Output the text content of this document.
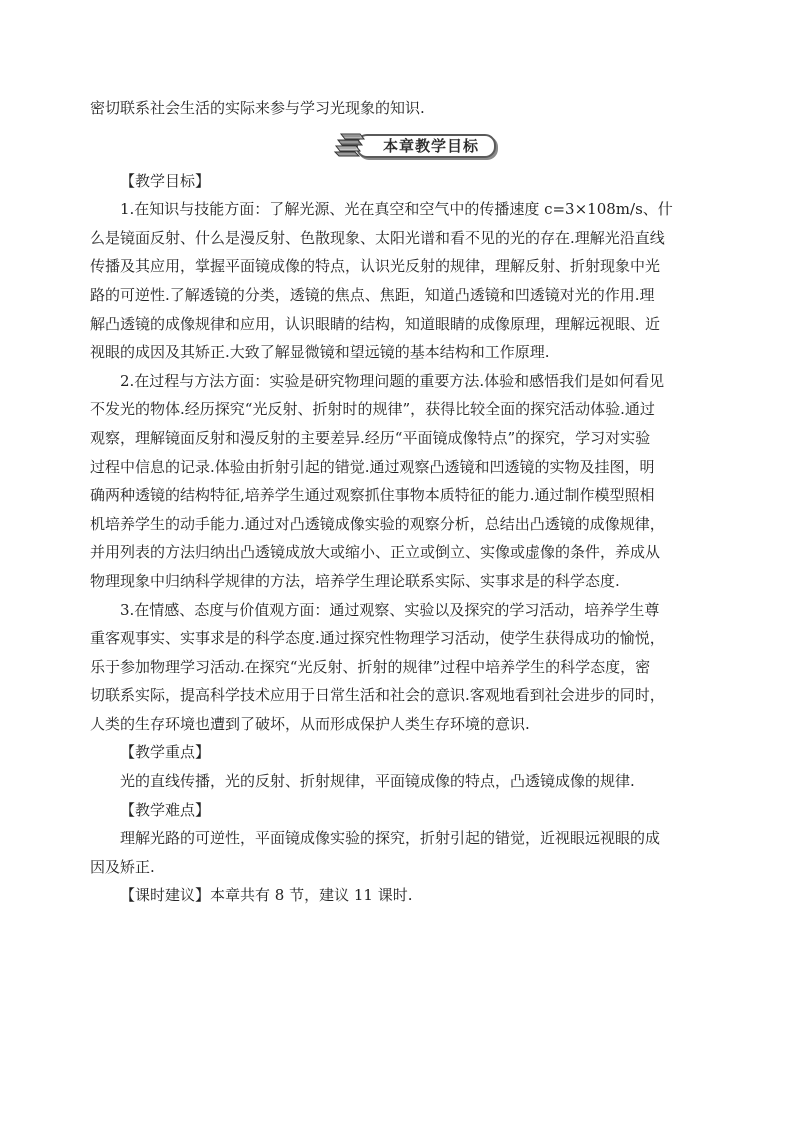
密切联系社会生活的实际来参与学习光现象的知识.

本章教学目标

【教学目标】

1.在知识与技能方面：了解光源、光在真空和空气中的传播速度 c=3×108m/s、什

么是镜面反射、什么是漫反射、色散现象、太阳光谱和看不见的光的存在.理解光沿直线

传播及其应用，掌握平面镜成像的特点，认识光反射的规律，理解反射、折射现象中光

路的可逆性.了解透镜的分类，透镜的焦点、焦距，知道凸透镜和凹透镜对光的作用.理

解凸透镜的成像规律和应用，认识眼睛的结构，知道眼睛的成像原理，理解远视眼、近

视眼的成因及其矫正.大致了解显微镜和望远镜的基本结构和工作原理.

2.在过程与方法方面：实验是研究物理问题的重要方法.体验和感悟我们是如何看见

不发光的物体.经历探究“光反射、折射时的规律”，获得比较全面的探究活动体验.通过

观察，理解镜面反射和漫反射的主要差异.经历“平面镜成像特点”的探究，学习对实验

过程中信息的记录.体验由折射引起的错觉.通过观察凸透镜和凹透镜的实物及挂图，明

确两种透镜的结构特征,培养学生通过观察抓住事物本质特征的能力.通过制作模型照相

机培养学生的动手能力.通过对凸透镜成像实验的观察分析，总结出凸透镜的成像规律，

并用列表的方法归纳出凸透镜成放大或缩小、正立或倒立、实像或虚像的条件，养成从

物理现象中归纳科学规律的方法，培养学生理论联系实际、实事求是的科学态度.

3.在情感、态度与价值观方面：通过观察、实验以及探究的学习活动，培养学生尊

重客观事实、实事求是的科学态度.通过探究性物理学习活动，使学生获得成功的愉悦，

乐于参加物理学习活动.在探究“光反射、折射的规律”过程中培养学生的科学态度，密

切联系实际，提高科学技术应用于日常生活和社会的意识.客观地看到社会进步的同时，

人类的生存环境也遭到了破坏，从而形成保护人类生存环境的意识.

【教学重点】

光的直线传播，光的反射、折射规律，平面镜成像的特点，凸透镜成像的规律.

【教学难点】

理解光路的可逆性，平面镜成像实验的探究，折射引起的错觉，近视眼远视眼的成

因及矫正.

【课时建议】本章共有 8 节，建议 11 课时.
